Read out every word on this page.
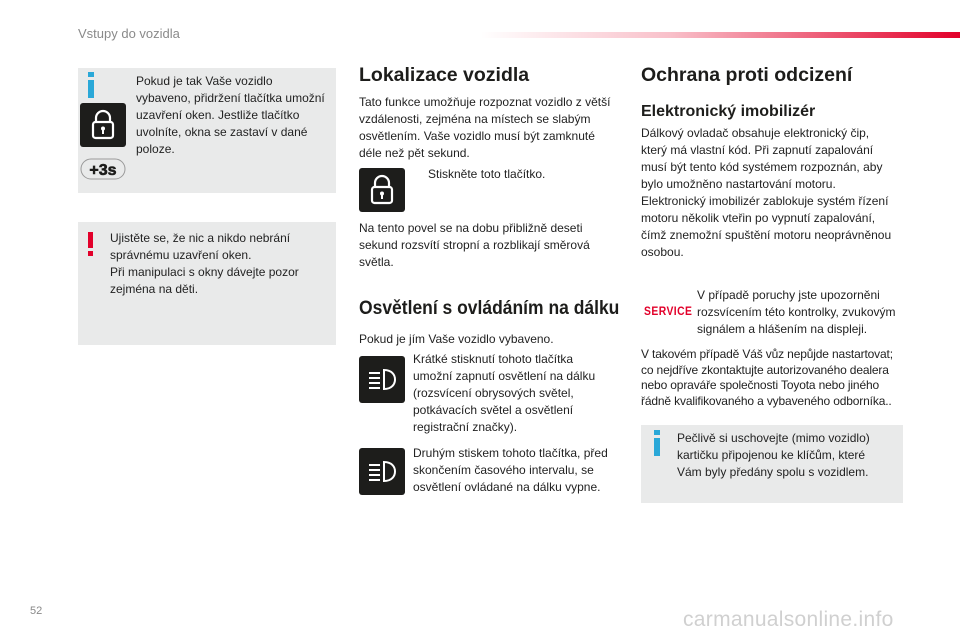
Vstupy do vozidla
+3s
Pokud je tak Vaše vozidlo
vybaveno, přidržení tlačítka umožní
uzavření oken. Jestliže tlačítko
uvolníte, okna se zastaví v dané
poloze.
Ujistěte se, že nic a nikdo nebrání
správnému uzavření oken.
Při manipulaci s okny dávejte pozor
zejména na děti.
Lokalizace vozidla
Tato funkce umožňuje rozpoznat vozidlo z větší
vzdálenosti, zejména na místech se slabým
osvětlením. Vaše vozidlo musí být zamknuté
déle než pět sekund.
Stiskněte toto tlačítko.
Na tento povel se na dobu přibližně deseti
sekund rozsvítí stropní a rozblikají směrová
světla.
Osvětlení s ovládáním na dálku
Pokud je jím Vaše vozidlo vybaveno.
Krátké stisknutí tohoto tlačítka
umožní zapnutí osvětlení na dálku
(rozsvícení obrysových světel,
potkávacích světel a osvětlení
registrační značky).
Druhým stiskem tohoto tlačítka, před
skončením časového intervalu, se
osvětlení ovládané na dálku vypne.
Ochrana proti odcizení
Elektronický imobilizér
Dálkový ovladač obsahuje elektronický čip,
který má vlastní kód. Při zapnutí zapalování
musí být tento kód systémem rozpoznán, aby
bylo umožněno nastartování motoru.
Elektronický imobilizér zablokuje systém řízení
motoru několik vteřin po vypnutí zapalování,
čímž znemožní spuštění motoru neoprávněnou
osobou.
SERVICE
V případě poruchy jste upozorněni
rozsvícením této kontrolky, zvukovým
signálem a hlášením na displeji.
V takovém případě Váš vůz nepůjde nastartovat;
co nejdříve zkontaktujte autorizovaného dealera
nebo opraváře společnosti Toyota nebo jiného
řádně kvalifikovaného a vybaveného odborníka..
Pečlivě si uschovejte (mimo vozidlo)
kartičku připojenou ke klíčům, které
Vám byly předány spolu s vozidlem.
52	carmanualsonline.info
